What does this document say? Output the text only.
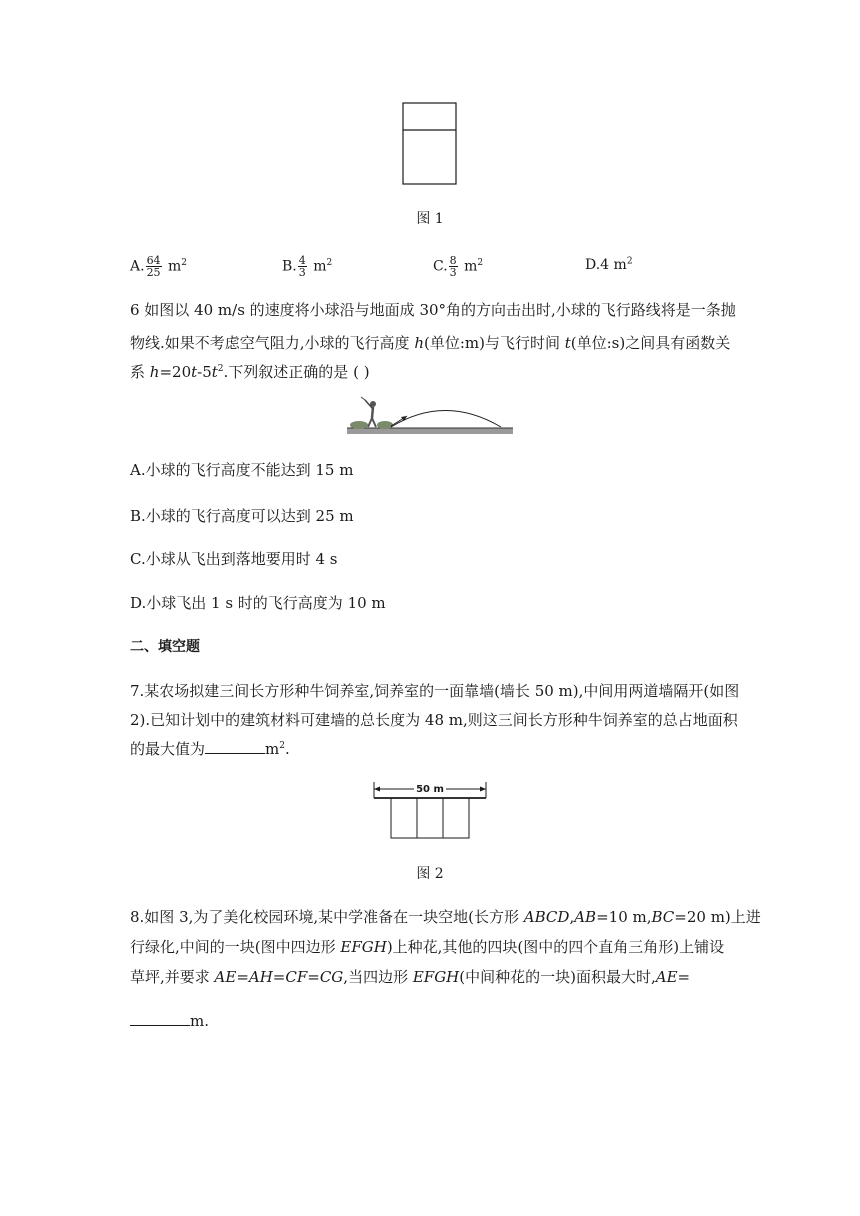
图 1
A. $\frac{64}{25} m^2$	B. $\frac{4}{3} m^2$	C. $\frac{8}{3} m^2$	D.4 $m^2$
6 如图以 40 m/s 的速度将小球沿与地面成 30°角的方向击出时,小球的飞行路线将是一条抛
物线.如果不考虑空气阻力,小球的飞行高度 h(单位:m)与飞行时间 t(单位:s)之间具有函数关
系 $h=20t-5t^2$.下列叙述正确的是 ( )
A.小球的飞行高度不能达到 15 m
B.小球的飞行高度可以达到 25 m
C.小球从飞出到落地要用时 4 s
D.小球飞出 1 s 时的飞行高度为 10 m
二、填空题
7.某农场拟建三间长方形种牛饲养室,饲养室的一面靠墙(墙长 50 m),中间用两道墙隔开(如图
2).已知计划中的建筑材料可建墙的总长度为 48 m,则这三间长方形种牛饲养室的总占地面积
的最大值为	$m^2$.
50 m
图 2
8.如图 3,为了美化校园环境,某中学准备在一块空地(长方形 ABCD,AB=10 m,BC=20 m)上进
行绿化,中间的一块(图中四边形 EFGH)上种花,其他的四块(图中的四个直角三角形)上铺设
草坪,并要求 AE=AH=CF=CG,当四边形 EFGH(中间种花的一块)面积最大时,AE=
m.
